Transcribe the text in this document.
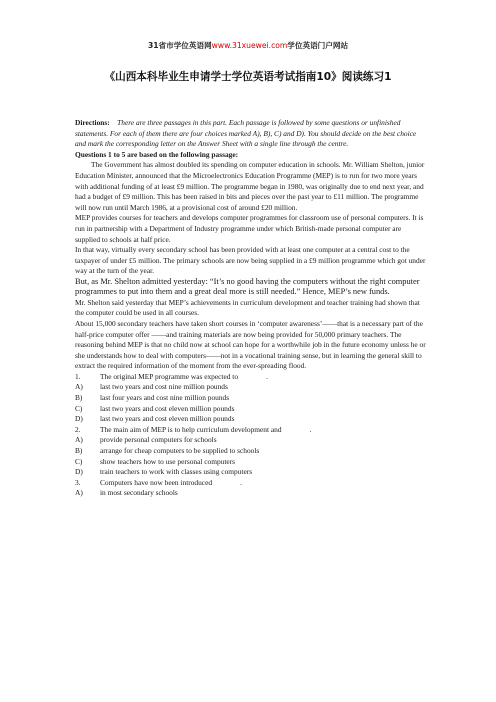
31省市学位英语网www.31xuewei.com学位英语门户网站
《山西本科毕业生申请学士学位英语考试指南10》阅读练习1

Directions: There are three passages in this part. Each passage is followed by some questions or unfinished statements. For each of them there are four choices marked A), B), C) and D). You should decide on the best choice and mark the corresponding letter on the Answer Sheet with a single line through the centre.

Questions 1 to 5 are based on the following passage:

The Government has almost doubled its spending on computer education in schools. Mr. William Shelton, junior Education Minister, announced that the Microelectronics Education Programme (MEP) is to run for two more years with additional funding of at least £9 million. The programme began in 1980, was originally due to end next year, and had a budget of £9 million. This has been raised in bits and pieces over the past year to £11 million. The programme will now run until March 1986, at a provisional cost of around £20 million.

MEP provides courses for teachers and develops computer programmes for classroom use of personal computers. It is run in partnership with a Department of Industry programme under which British-made personal computer are supplied to schools at half price.

In that way, virtually every secondary school has been provided with at least one computer at a central cost to the taxpayer of under £5 million. The primary schools are now being supplied in a £9 million programme which got under way at the turn of the year.

But, as Mr. Shelton admitted yesterday: “It’s no good having the computers without the right computer programmes to put into them and a great deal more is still needed.” Hence, MEP’s new funds.

Mr. Shelton said yesterday that MEP’s achievements in curriculum development and teacher training had shown that the computer could be used in all courses.

About 15,000 secondary teachers have taken short courses in ‘computer awareness’——that is a necessary part of the half-price computer offer ——and training materials are now being provided for 50,000 primary teachers. The reasoning behind MEP is that no child now at school can hope for a worthwhile job in the future economy unless he or she understands how to deal with computers——not in a vocational training sense, but in learning the general skill to extract the required information of the moment from the ever-spreading flood.

1.	The original MEP programme was expected to	.
A)	last two years and cost nine million pounds
B)	last four years and cost nine million pounds
C)	last two years and cost eleven million pounds
D)	last two years and cost eleven million pounds
2.	The main aim of MEP is to help curriculum development and	.
A)	provide personal computers for schools
B)	arrange for cheap computers to be supplied to schools
C)	show teachers how to use personal computers
D)	train teachers to work with classes using computers
3.	Computers have now been introduced	.
A)	in most secondary schools
